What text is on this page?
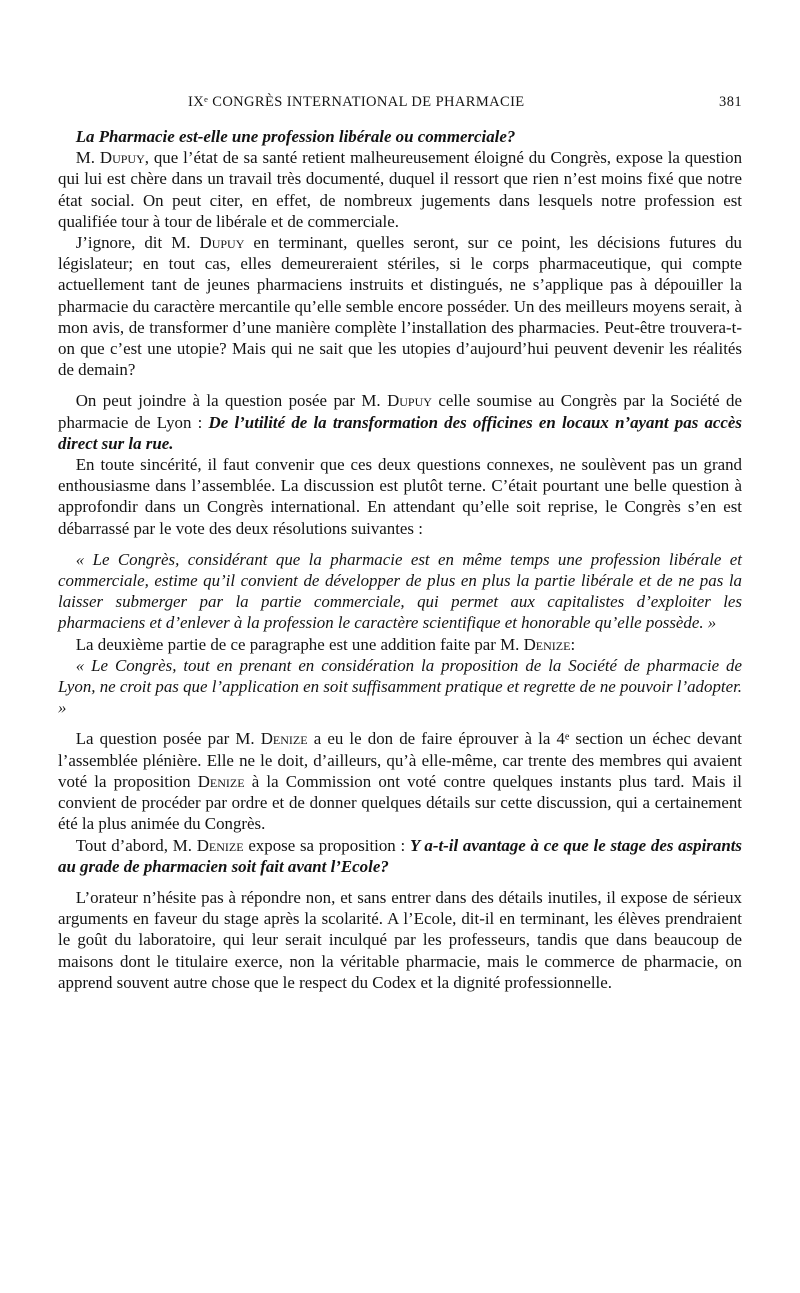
IXᵉ CONGRÈS INTERNATIONAL DE PHARMACIE	381

La Pharmacie est-elle une profession libérale ou commerciale?

M. Dupuy, que l’état de sa santé retient malheureusement éloigné du Congrès, expose la question qui lui est chère dans un travail très documenté, duquel il ressort que rien n’est moins fixé que notre état social. On peut citer, en effet, de nombreux jugements dans lesquels notre profession est qualifiée tour à tour de libérale et de commerciale.

J’ignore, dit M. Dupuy en terminant, quelles seront, sur ce point, les décisions futures du législateur; en tout cas, elles demeureraient stériles, si le corps pharmaceutique, qui compte actuellement tant de jeunes pharmaciens instruits et distingués, ne s’applique pas à dépouiller la pharmacie du caractère mercantile qu’elle semble encore posséder. Un des meilleurs moyens serait, à mon avis, de transformer d’une manière complète l’installation des pharmacies. Peut-être trouvera-t-on que c’est une utopie? Mais qui ne sait que les utopies d’aujourd’hui peuvent devenir les réalités de demain?

On peut joindre à la question posée par M. Dupuy celle soumise au Congrès par la Société de pharmacie de Lyon : De l’utilité de la transformation des officines en locaux n’ayant pas accès direct sur la rue.

En toute sincérité, il faut convenir que ces deux questions connexes, ne soulèvent pas un grand enthousiasme dans l’assemblée. La discussion est plutôt terne. C’était pourtant une belle question à approfondir dans un Congrès international. En attendant qu’elle soit reprise, le Congrès s’en est débarrassé par le vote des deux résolutions suivantes :

« Le Congrès, considérant que la pharmacie est en même temps une profession libérale et commerciale, estime qu’il convient de développer de plus en plus la partie libérale et de ne pas la laisser submerger par la partie commerciale, qui permet aux capitalistes d’exploiter les pharmaciens et d’enlever à la profession le caractère scientifique et honorable qu’elle possède. »

La deuxième partie de ce paragraphe est une addition faite par M. Denize:

« Le Congrès, tout en prenant en considération la proposition de la Société de pharmacie de Lyon, ne croit pas que l’application en soit suffisamment pratique et regrette de ne pouvoir l’adopter. »

La question posée par M. Denize a eu le don de faire éprouver à la 4ᵉ section un échec devant l’assemblée plénière. Elle ne le doit, d’ailleurs, qu’à elle-même, car trente des membres qui avaient voté la proposition Denize à la Commission ont voté contre quelques instants plus tard. Mais il convient de procéder par ordre et de donner quelques détails sur cette discussion, qui a certainement été la plus animée du Congrès.

Tout d’abord, M. Denize expose sa proposition : Y a-t-il avantage à ce que le stage des aspirants au grade de pharmacien soit fait avant l’Ecole?

L’orateur n’hésite pas à répondre non, et sans entrer dans des détails inutiles, il expose de sérieux arguments en faveur du stage après la scolarité. A l’Ecole, dit-il en terminant, les élèves prendraient le goût du laboratoire, qui leur serait inculqué par les professeurs, tandis que dans beaucoup de maisons dont le titulaire exerce, non la véritable pharmacie, mais le commerce de pharmacie, on apprend souvent autre chose que le respect du Codex et la dignité professionnelle.
